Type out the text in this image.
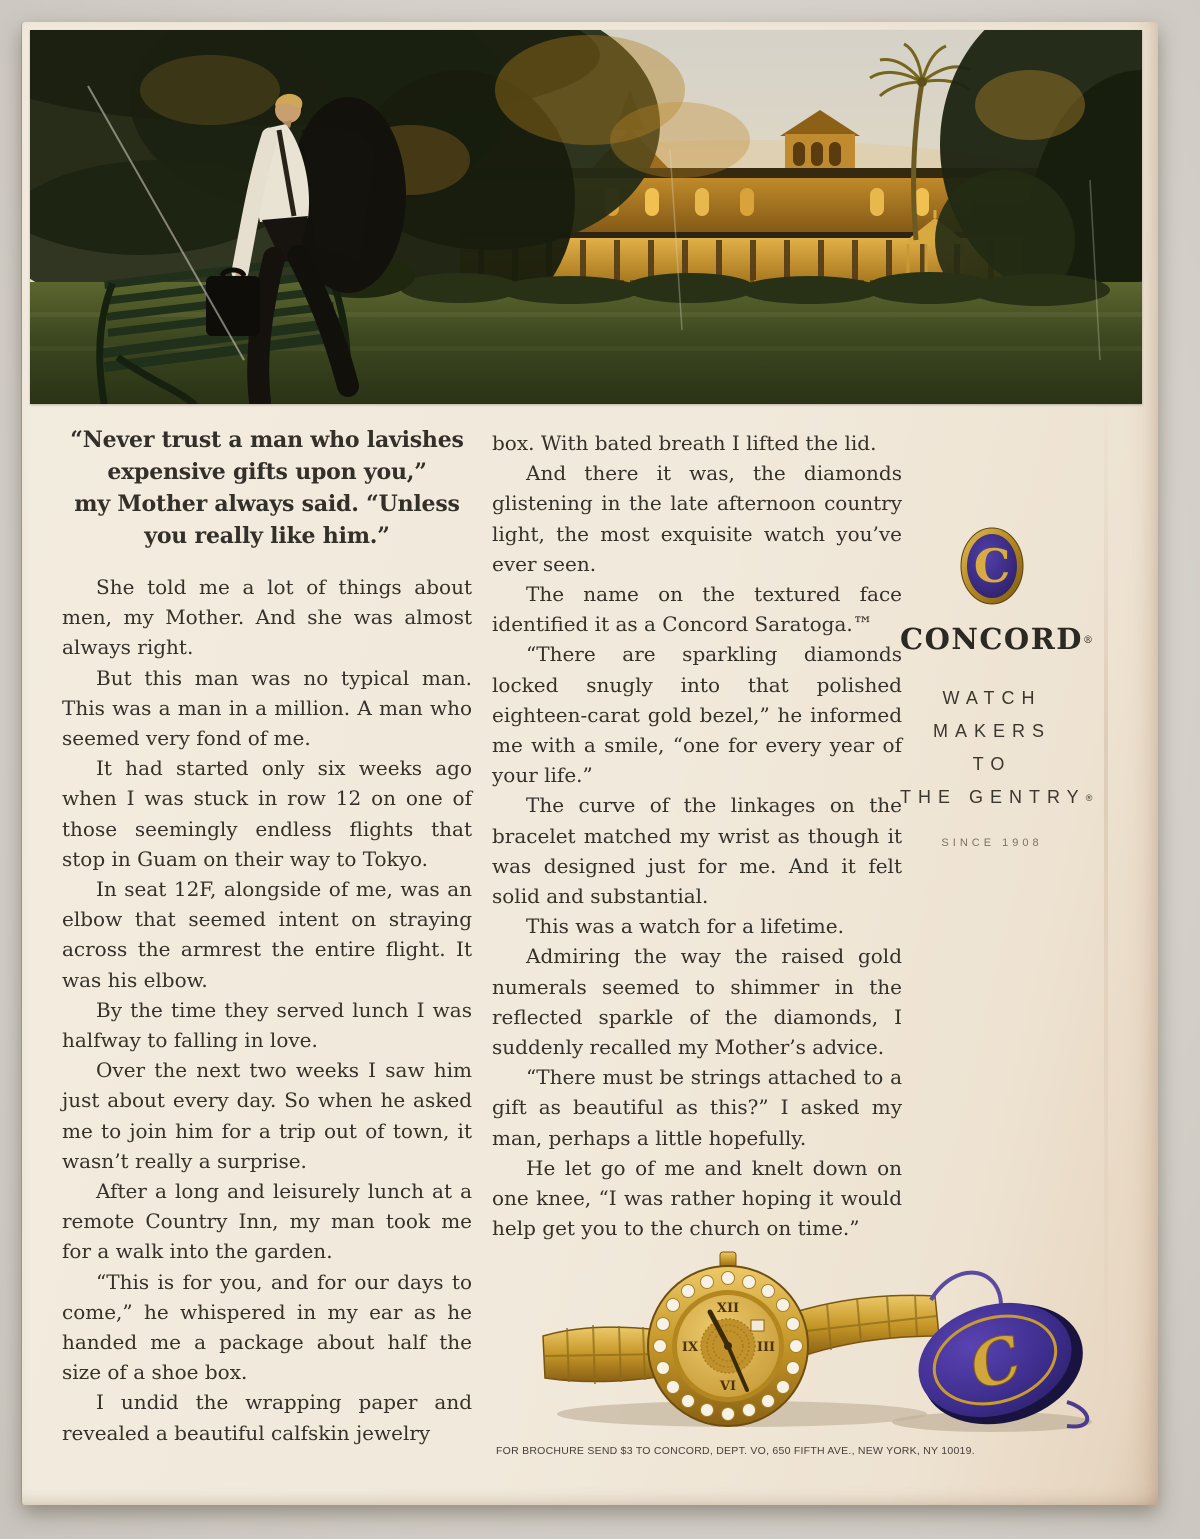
“Never trust a man who lavishes
expensive gifts upon you,”
my Mother always said. “Unless
you really like him.”

She told me a lot of things about men, my Mother. And she was almost always right.

But this man was no typical man. This was a man in a million. A man who seemed very fond of me.

It had started only six weeks ago when I was stuck in row 12 on one of those seemingly endless flights that stop in Guam on their way to Tokyo.

In seat 12F, alongside of me, was an elbow that seemed intent on straying across the armrest the entire flight. It was his elbow.

By the time they served lunch I was halfway to falling in love.

Over the next two weeks I saw him just about every day. So when he asked me to join him for a trip out of town, it wasn’t really a surprise.

After a long and leisurely lunch at a remote Country Inn, my man took me for a walk into the garden.

“This is for you, and for our days to come,” he whispered in my ear as he handed me a package about half the size of a shoe box.

I undid the wrapping paper and revealed a beautiful calfskin jewelry

box. With bated breath I lifted the lid.

And there it was, the diamonds glistening in the late afternoon country light, the most exquisite watch you’ve ever seen.

The name on the textured face identified it as a Concord Saratoga.™

“There are sparkling diamonds locked snugly into that polished eighteen-carat gold bezel,” he informed me with a smile, “one for every year of your life.”

The curve of the linkages on the bracelet matched my wrist as though it was designed just for me. And it felt solid and substantial.

This was a watch for a lifetime.

Admiring the way the raised gold numerals seemed to shimmer in the reflected sparkle of the diamonds, I suddenly recalled my Mother’s advice.

“There must be strings attached to a gift as beautiful as this?” I asked my man, perhaps a little hopefully.

He let go of me and knelt down on one knee, “I was rather hoping it would help get you to the church on time.”

C
CONCORD®
WATCH
MAKERS
TO
THE GENTRY®
SINCE 1908
XII
III
VI
IX	C
FOR BROCHURE SEND $3 TO CONCORD, DEPT. VO, 650 FIFTH AVE., NEW YORK, NY 10019.
